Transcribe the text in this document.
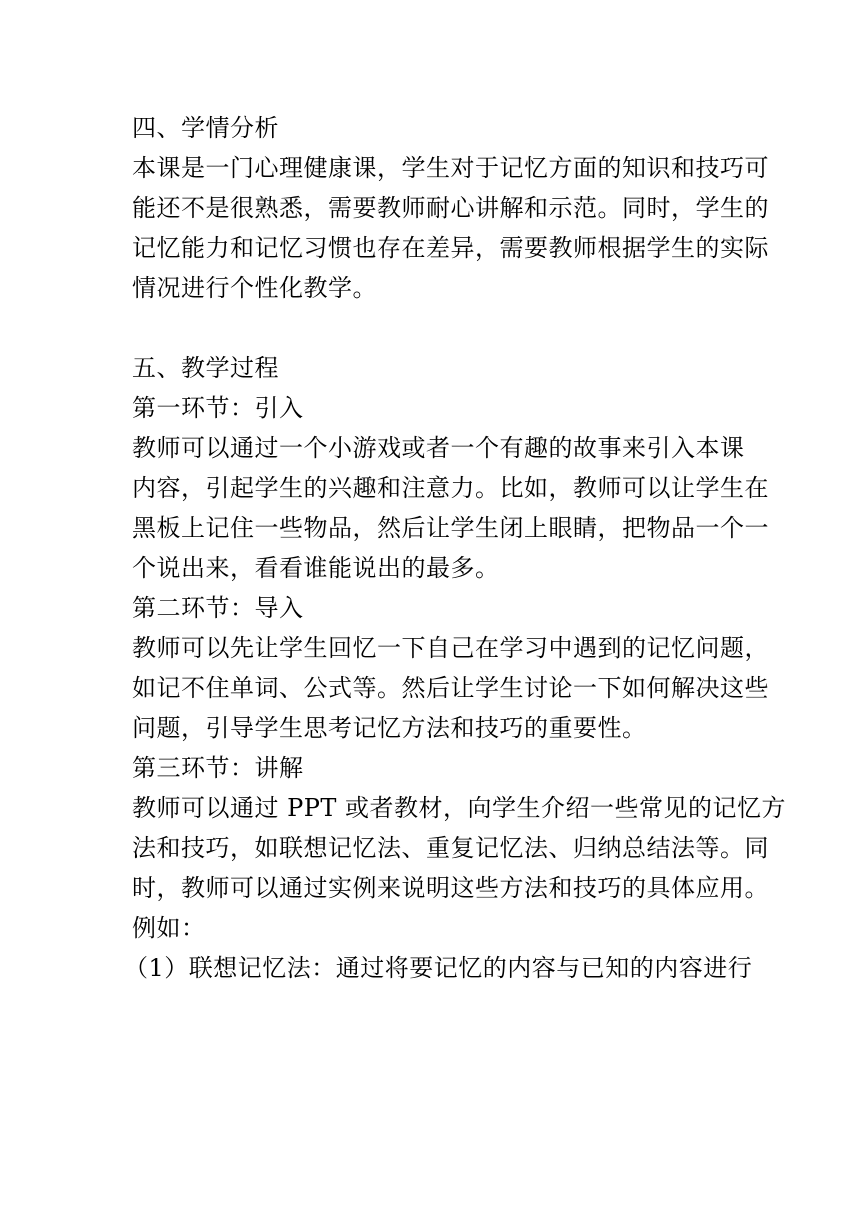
四、学情分析
本课是一门心理健康课，学生对于记忆方面的知识和技巧可
能还不是很熟悉，需要教师耐心讲解和示范。同时，学生的
记忆能力和记忆习惯也存在差异，需要教师根据学生的实际
情况进行个性化教学。
五、教学过程
第一环节：引入
教师可以通过一个小游戏或者一个有趣的故事来引入本课
内容，引起学生的兴趣和注意力。比如，教师可以让学生在
黑板上记住一些物品，然后让学生闭上眼睛，把物品一个一
个说出来，看看谁能说出的最多。
第二环节：导入
教师可以先让学生回忆一下自己在学习中遇到的记忆问题，
如记不住单词、公式等。然后让学生讨论一下如何解决这些
问题，引导学生思考记忆方法和技巧的重要性。
第三环节：讲解
教师可以通过 PPT 或者教材，向学生介绍一些常见的记忆方
法和技巧，如联想记忆法、重复记忆法、归纳总结法等。同
时，教师可以通过实例来说明这些方法和技巧的具体应用。
例如：
（1）联想记忆法：通过将要记忆的内容与已知的内容进行
